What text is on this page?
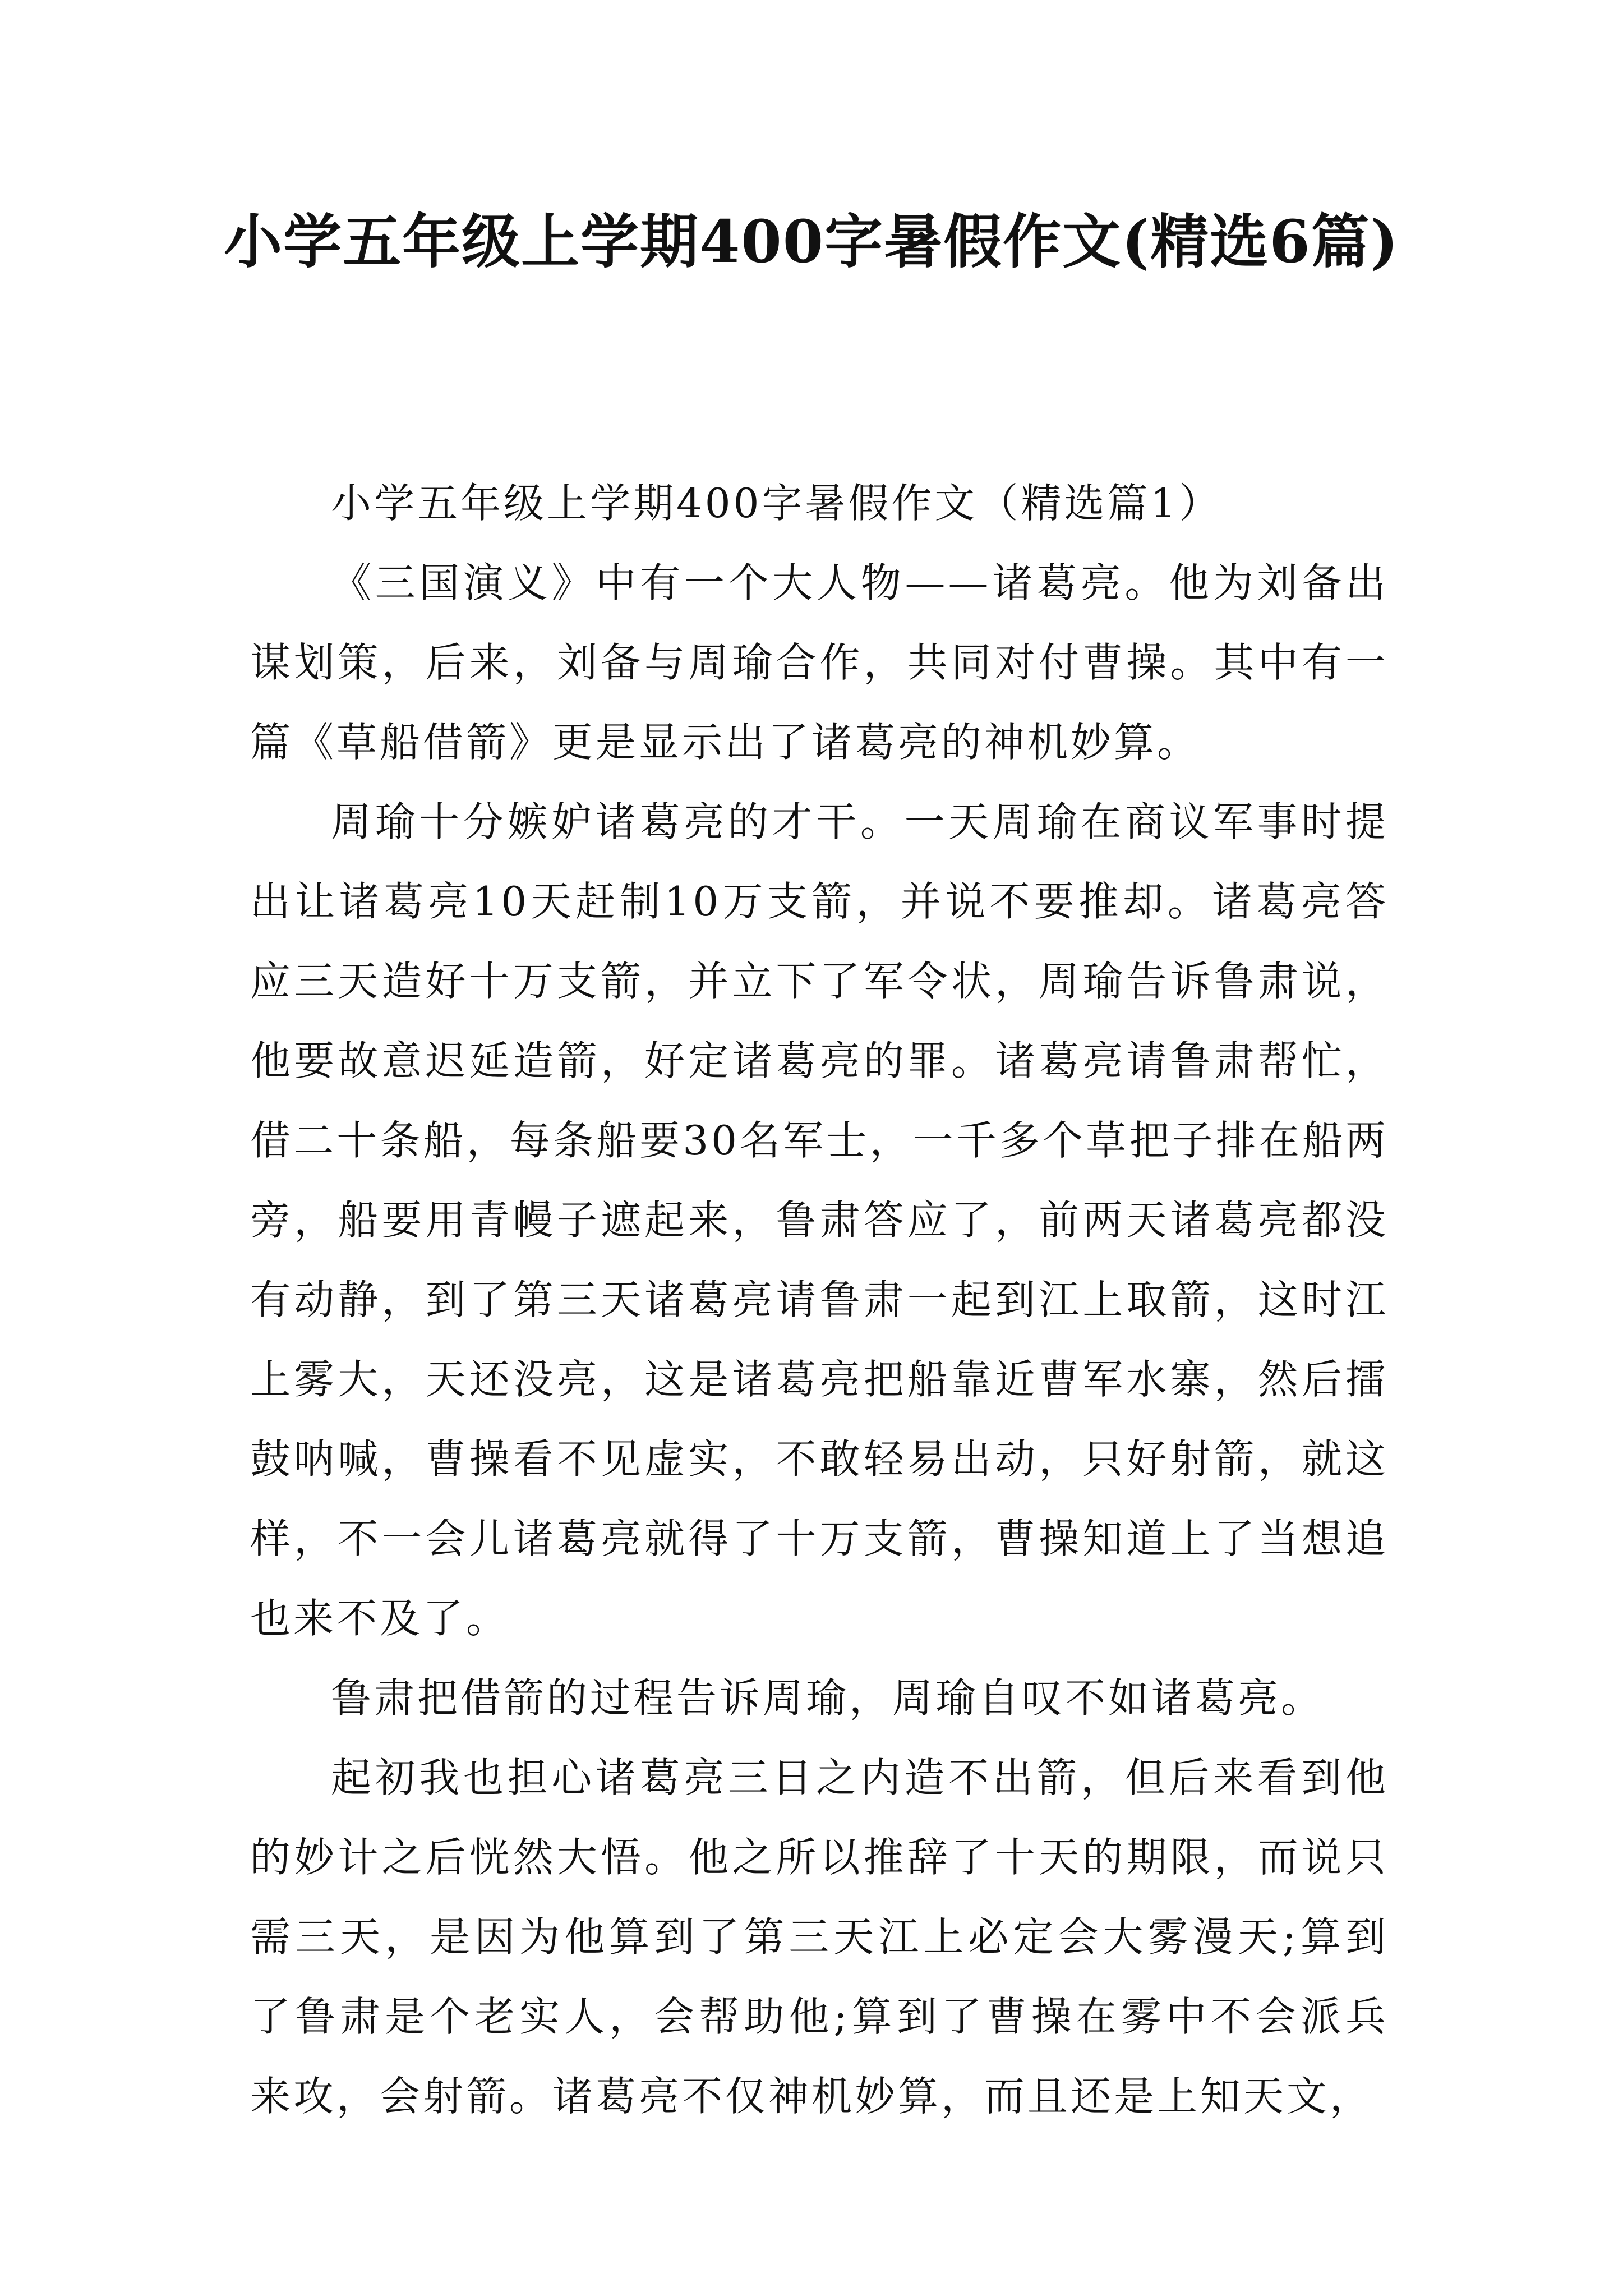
小学五年级上学期400字暑假作文(精选6篇)

小学五年级上学期400字暑假作文（精选篇1）

《三国演义》中有一个大人物——诸葛亮。他为刘备出谋划策，后来，刘备与周瑜合作，共同对付曹操。其中有一篇《草船借箭》更是显示出了诸葛亮的神机妙算。

周瑜十分嫉妒诸葛亮的才干。一天周瑜在商议军事时提出让诸葛亮10天赶制10万支箭，并说不要推却。诸葛亮答应三天造好十万支箭，并立下了军令状，周瑜告诉鲁肃说，他要故意迟延造箭，好定诸葛亮的罪。诸葛亮请鲁肃帮忙，借二十条船，每条船要30名军士，一千多个草把子排在船两旁，船要用青幔子遮起来，鲁肃答应了，前两天诸葛亮都没有动静，到了第三天诸葛亮请鲁肃一起到江上取箭，这时江上雾大，天还没亮，这是诸葛亮把船靠近曹军水寨，然后擂鼓呐喊，曹操看不见虚实，不敢轻易出动，只好射箭，就这样，不一会儿诸葛亮就得了十万支箭，曹操知道上了当想追也来不及了。

鲁肃把借箭的过程告诉周瑜，周瑜自叹不如诸葛亮。

起初我也担心诸葛亮三日之内造不出箭，但后来看到他的妙计之后恍然大悟。他之所以推辞了十天的期限，而说只需三天，是因为他算到了第三天江上必定会大雾漫天;算到了鲁肃是个老实人，会帮助他;算到了曹操在雾中不会派兵来攻，会射箭。诸葛亮不仅神机妙算，而且还是上知天文，
